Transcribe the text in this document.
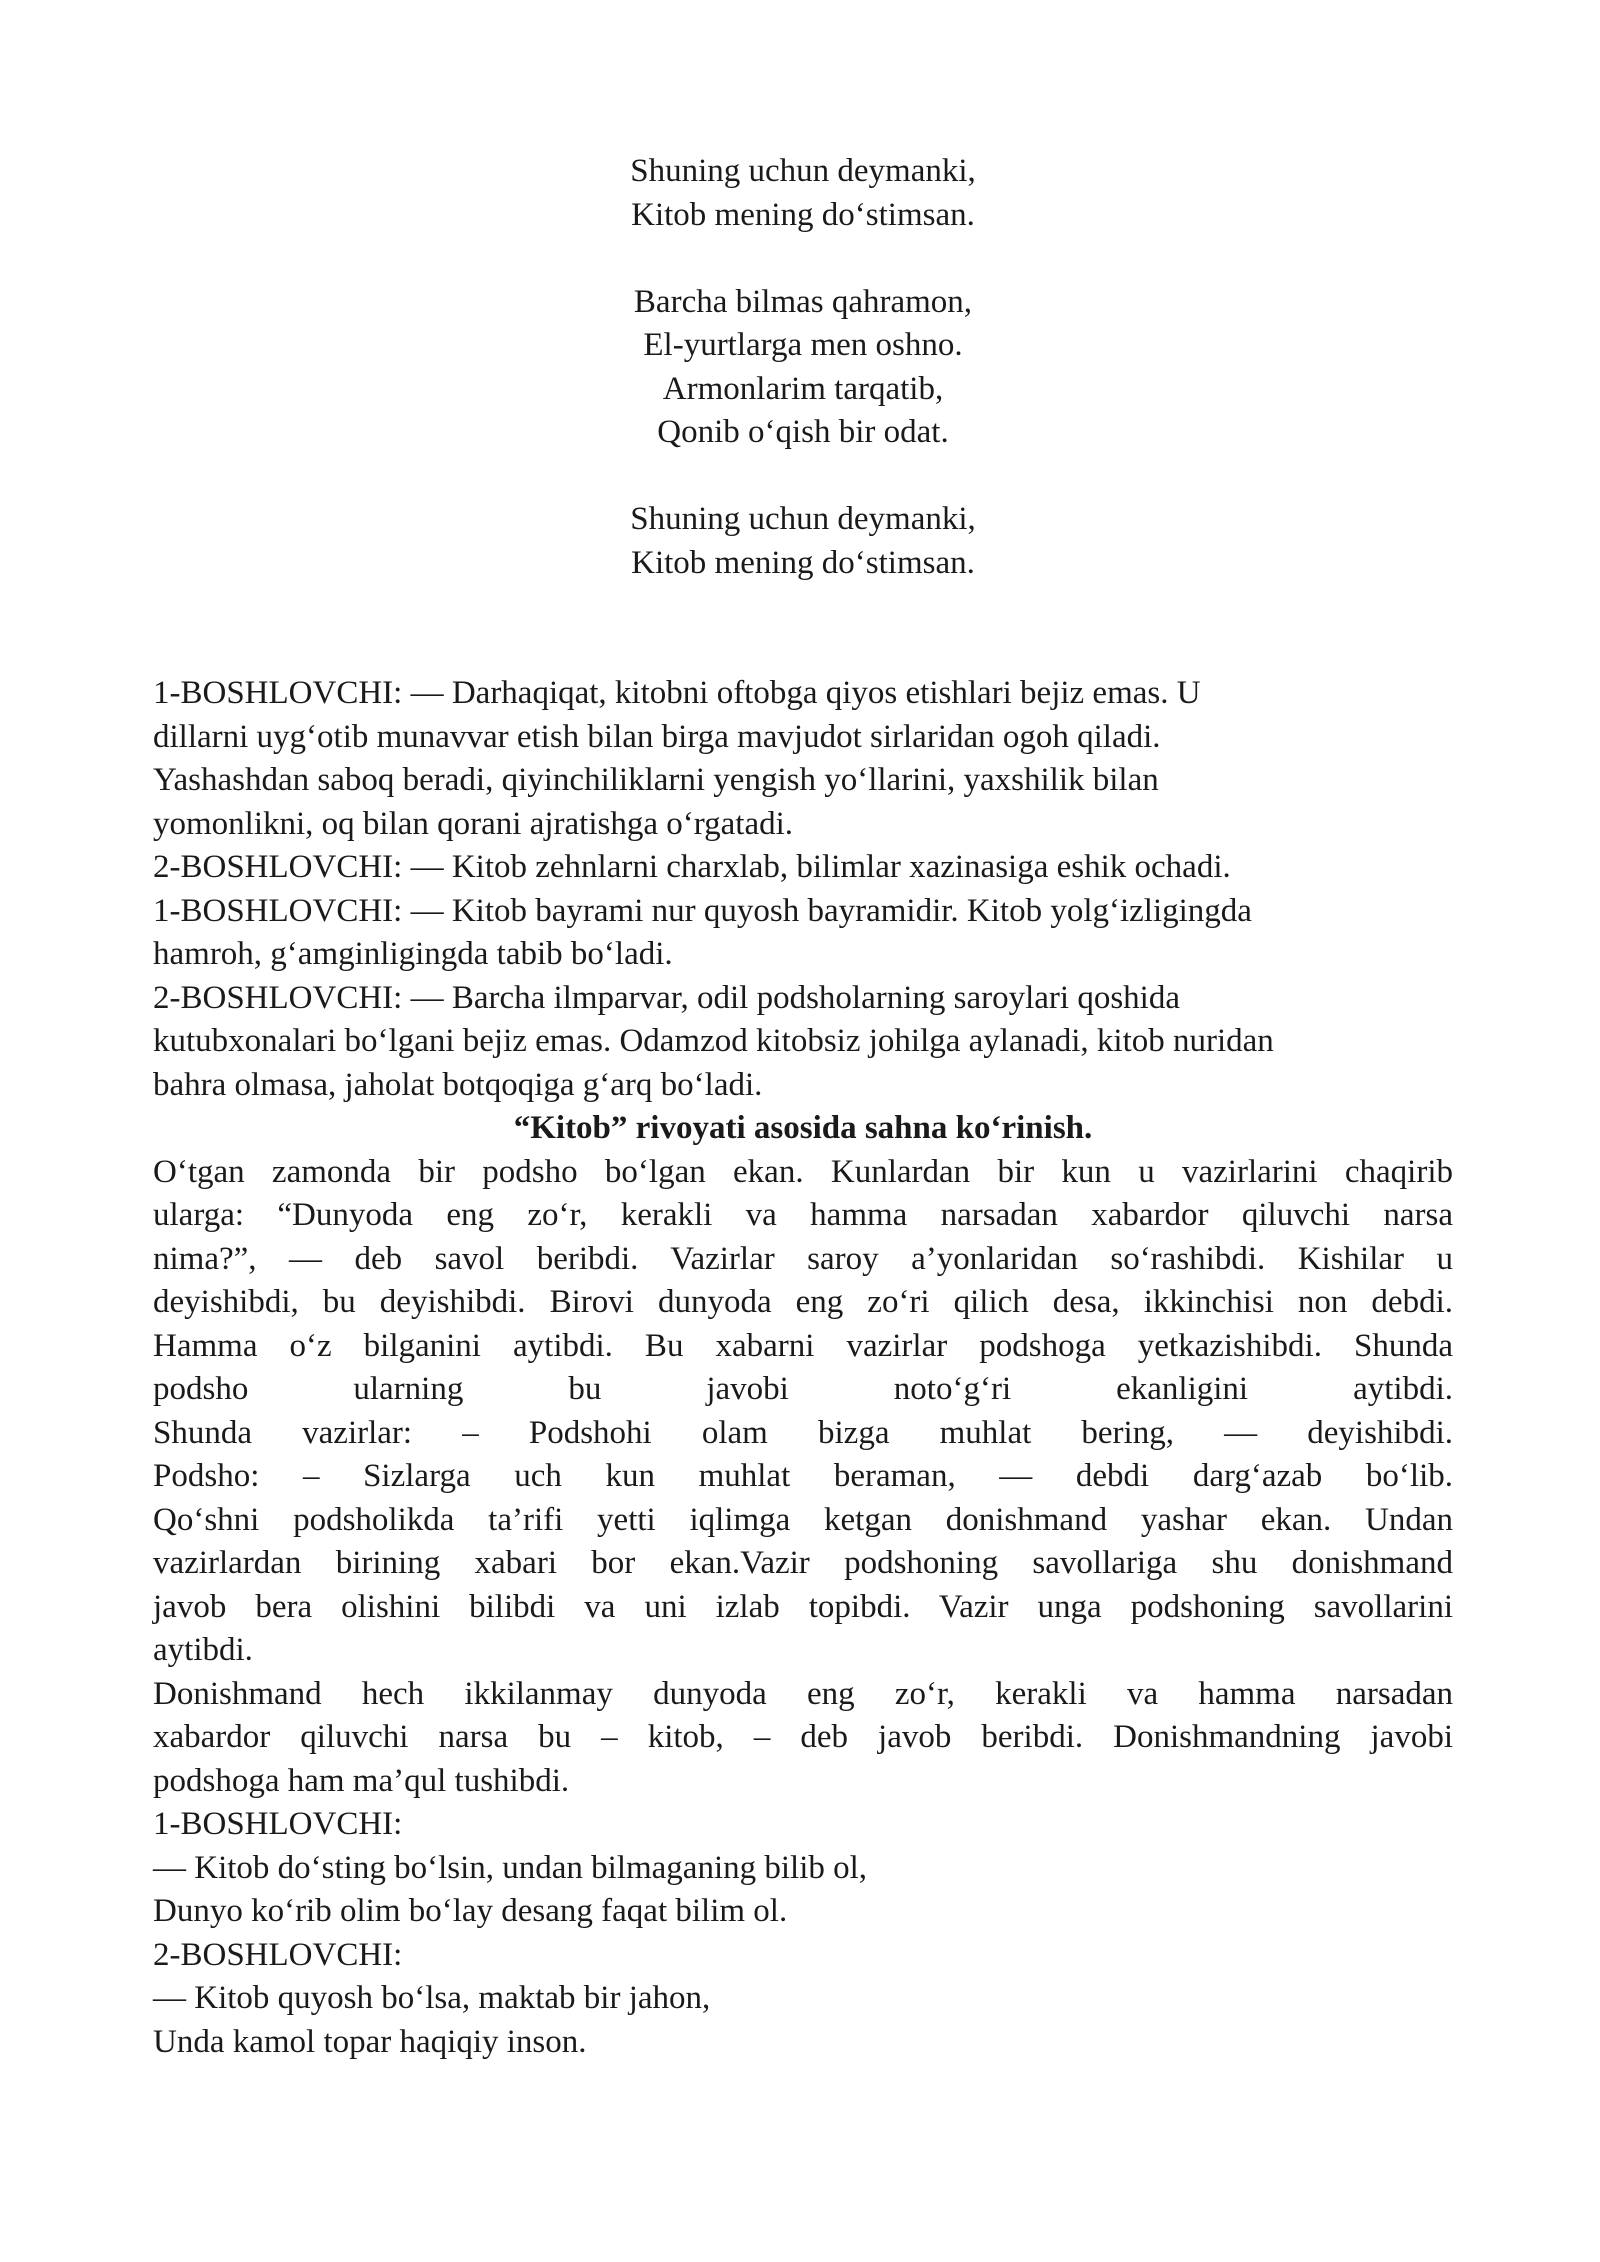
Shuning uchun deymanki,
Kitob mening do‘stimsan.
Barcha bilmas qahramon,
El-yurtlarga men oshno.
Armonlarim tarqatib,
Qonib o‘qish bir odat.
Shuning uchun deymanki,
Kitob mening do‘stimsan.
1-BOSHLOVCHI: — Darhaqiqat, kitobni oftobga qiyos etishlari bejiz emas. U
dillarni uyg‘otib munavvar etish bilan birga mavjudot sirlaridan ogoh qiladi.
Yashashdan saboq beradi, qiyinchiliklarni yengish yo‘llarini, yaxshilik bilan
yomonlikni, oq bilan qorani ajratishga o‘rgatadi.
2-BOSHLOVCHI: — Kitob zehnlarni charxlab, bilimlar xazinasiga eshik ochadi.
1-BOSHLOVCHI: — Kitob bayrami nur quyosh bayramidir. Kitob yolg‘izligingda
hamroh, g‘amginligingda tabib bo‘ladi.
2-BOSHLOVCHI: — Barcha ilmparvar, odil podsholarning saroylari qoshida
kutubxonalari bo‘lgani bejiz emas. Odamzod kitobsiz johilga aylanadi, kitob nuridan
bahra olmasa, jaholat botqoqiga g‘arq bo‘ladi.
“Kitob” rivoyati asosida sahna ko‘rinish.
O‘tgan zamonda bir podsho bo‘lgan ekan. Kunlardan bir kun u vazirlarini chaqirib
ularga: “Dunyoda eng zo‘r, kerakli va hamma narsadan xabardor qiluvchi narsa
nima?”, — deb savol beribdi. Vazirlar saroy a’yonlaridan so‘rashibdi. Kishilar u
deyishibdi, bu deyishibdi. Birovi dunyoda eng zo‘ri qilich desa, ikkinchisi non debdi.
Hamma o‘z bilganini aytibdi. Bu xabarni vazirlar podshoga yetkazishibdi. Shunda
podsho ularning bu javobi noto‘g‘ri ekanligini aytibdi.
Shunda vazirlar: – Podshohi olam bizga muhlat bering, — deyishibdi.
Podsho: – Sizlarga uch kun muhlat beraman, — debdi darg‘azab bo‘lib.
Qo‘shni podsholikda ta’rifi yetti iqlimga ketgan donishmand yashar ekan. Undan
vazirlardan birining xabari bor ekan.Vazir podshoning savollariga shu donishmand
javob bera olishini bilibdi va uni izlab topibdi. Vazir unga podshoning savollarini
aytibdi.
Donishmand hech ikkilanmay dunyoda eng zo‘r, kerakli va hamma narsadan
xabardor qiluvchi narsa bu – kitob, – deb javob beribdi. Donishmandning javobi
podshoga ham ma’qul tushibdi.
1-BOSHLOVCHI:
— Kitob do‘sting bo‘lsin, undan bilmaganing bilib ol,
Dunyo ko‘rib olim bo‘lay desang faqat bilim ol.
2-BOSHLOVCHI:
— Kitob quyosh bo‘lsa, maktab bir jahon,
Unda kamol topar haqiqiy inson.
